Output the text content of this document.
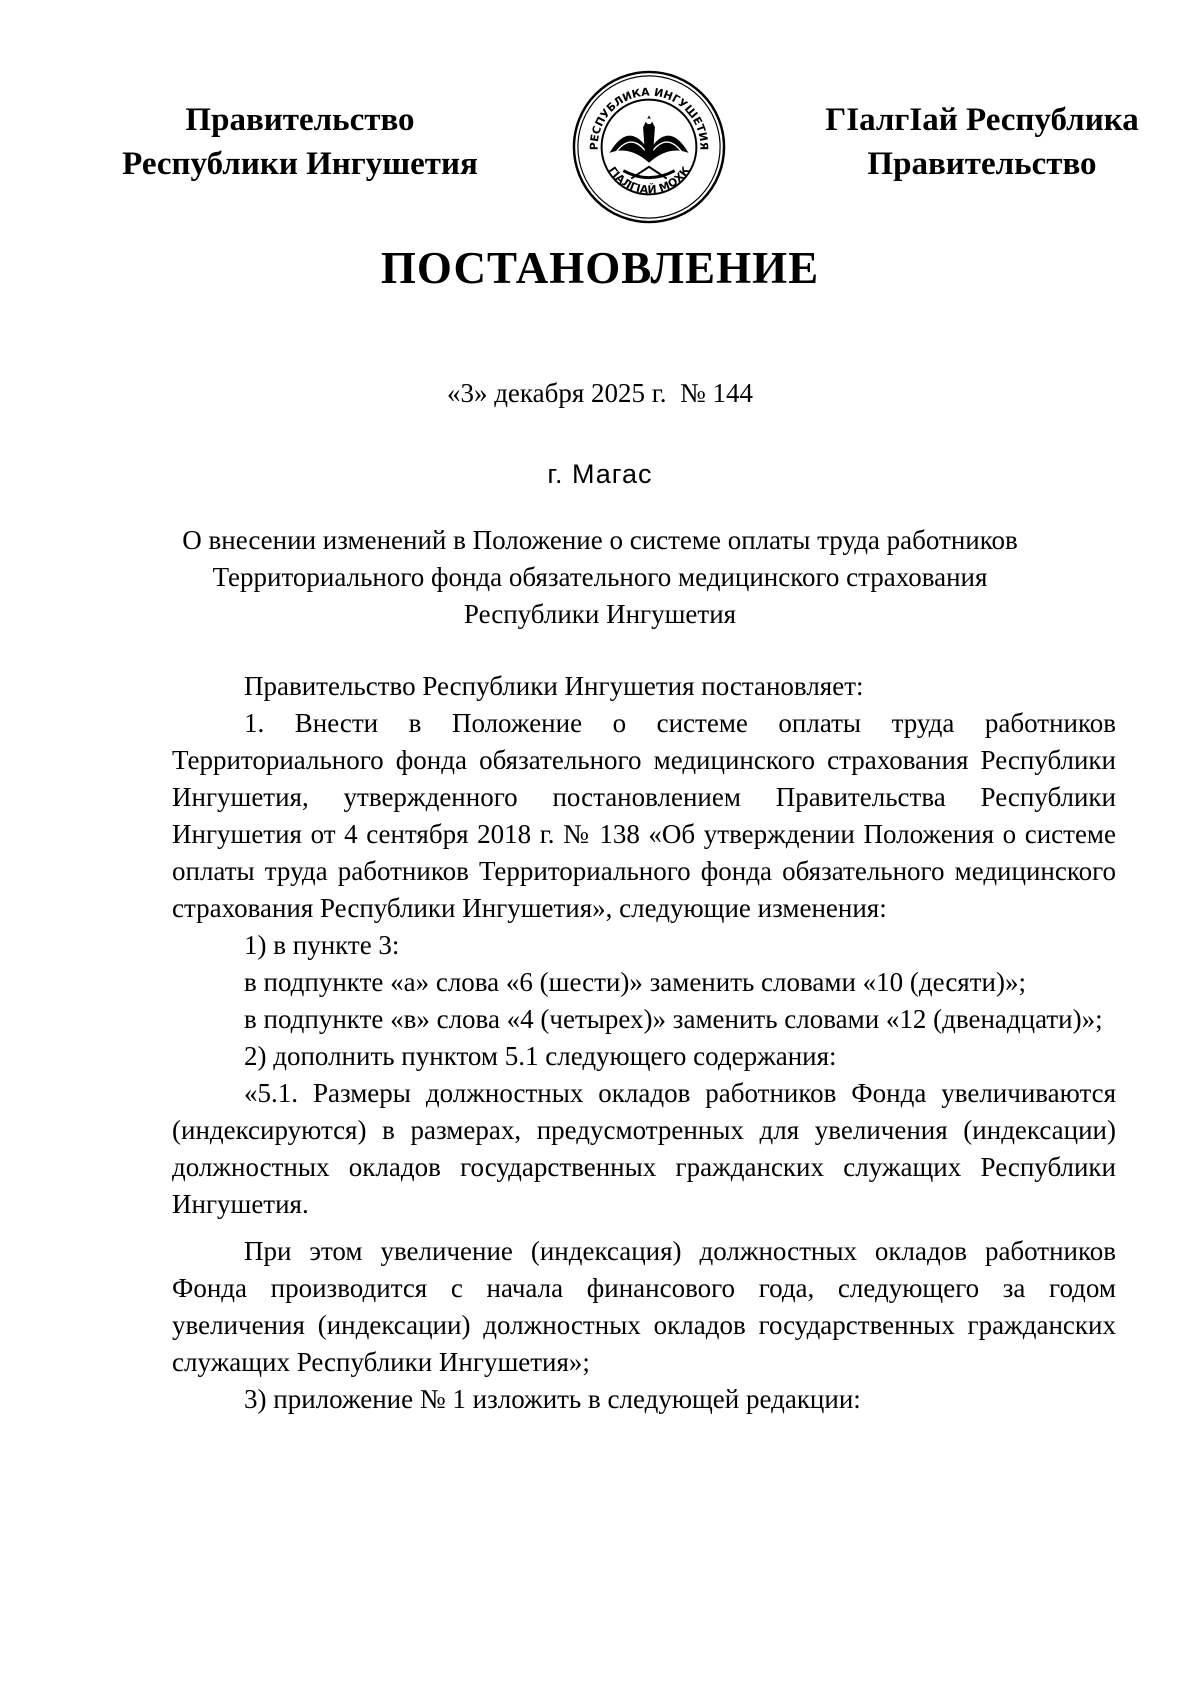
Правительство
Республики Ингушетия	РЕСПУБЛИКА ИНГУШЕТИЯ
ГІАЛГІАЙ МОХК
ГІалгІай Республика
Правительство
ПОСТАНОВЛЕНИЕ
«3» декабря 2025 г.  № 144
г. Магас
О внесении изменений в Положение о системе оплаты труда работников
Территориального фонда обязательного медицинского страхования
Республики Ингушетия

Правительство Республики Ингушетия постановляет:

1. Внести в Положение о системе оплаты труда работников Территориального фонда обязательного медицинского страхования Республики Ингушетия, утвержденного постановлением Правительства Республики Ингушетия от 4 сентября 2018 г. № 138 «Об утверждении Положения о системе оплаты труда работников Территориального фонда обязательного медицинского страхования Республики Ингушетия», следующие изменения:

1) в пункте 3:

в подпункте «а» слова «6 (шести)» заменить словами «10 (десяти)»;

в подпункте «в» слова «4 (четырех)» заменить словами «12 (двенадцати)»;

2) дополнить пунктом 5.1 следующего содержания:

«5.1. Размеры должностных окладов работников Фонда увеличиваются (индексируются) в размерах, предусмотренных для увеличения (индексации) должностных окладов государственных гражданских служащих Республики Ингушетия.

При этом увеличение (индексация) должностных окладов работников Фонда производится с начала финансового года, следующего за годом увеличения (индексации) должностных окладов государственных гражданских служащих Республики Ингушетия»;

3) приложение № 1 изложить в следующей редакции:
